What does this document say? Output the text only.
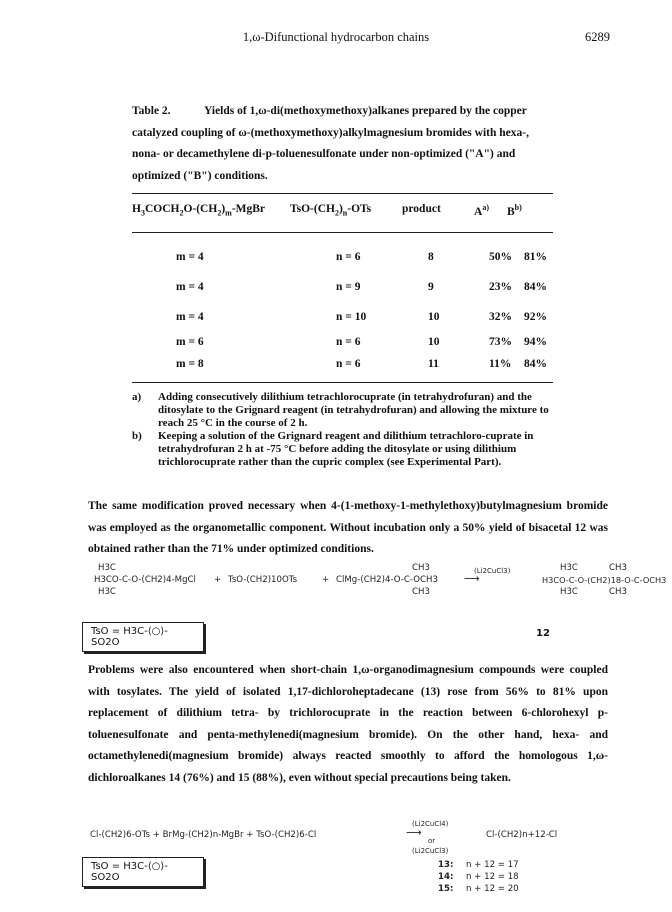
1,ω-Difunctional hydrocarbon chains	6289
Table 2.	Yields of 1,ω-di(methoxymethoxy)alkanes prepared by the copper catalyzed coupling of ω-(methoxymethoxy)alkylmagnesium bromides with hexa-, nona- or decamethylene di-p-toluenesulfonate under non-optimized ("A") and optimized ("B") conditions.
$H_3COCH_2O-(CH_2)_m$-MgBr TsO-$(CH_2)_n$-OTs	product	$A^{a)}$ $B^{b)}$
m = 4	n = 6	8	50% 81%
m = 4	n = 9	9	23% 84%
m = 4	n = 10	10	32% 92%
m = 6	n = 6	10	73% 94%
m = 8	n = 6	11	11% 84%
a) Adding consecutively dilithium tetrachlorocuprate (in tetrahydrofuran) and the ditosylate to the Grignard reagent (in tetrahydrofuran) and allowing the mixture to reach 25 °C in the course of 2 h.
b) Keeping a solution of the Grignard reagent and dilithium tetrachloro-cuprate in tetrahydrofuran 2 h at -75 °C before adding the ditosylate or using dilithium trichlorocuprate rather than the cupric complex (see Experimental Part).
The same modification proved necessary when 4-(1-methoxy-1-methylethoxy)butylmagnesium bromide was employed as the organometallic component. Without incubation only a 50% yield of bisacetal 12 was obtained rather than the 71% under optimized conditions.
H3C
H3CO-C-O-(CH2)4-MgCl
H3C
+ TsO-(CH2)10OTs	+
CH3
ClMg-(CH2)4-O-C-OCH3
CH3
(Li2CuCl3)
⟶
H3C
H3CO-C-O-(CH2)18-O-C-OCH3
H3C
CH3
CH3
TsO = H3C-⟨○⟩-SO2O
12
Problems were also encountered when short-chain 1,ω-organodimagnesium compounds were coupled with tosylates. The yield of isolated 1,17-dichloroheptadecane (13) rose from 56% to 81% upon replacement of dilithium tetra- by trichlorocuprate in the reaction between 6-chlorohexyl p-toluenesulfonate and penta-methylenedi(magnesium bromide). On the other hand, hexa- and octamethylenedi(magnesium bromide) always reacted smoothly to afford the homologous 1,ω-dichloroalkanes 14 (76%) and 15 (88%), even without special precautions being taken.
Cl-(CH2)6-OTs + BrMg-(CH2)n-MgBr + TsO-(CH2)6-Cl
(Li2CuCl4)
⟶
or
(Li2CuCl3)
Cl-(CH2)n+12-Cl
13: n + 12 = 17
14: n + 12 = 18
15: n + 12 = 20
TsO = H3C-⟨○⟩-SO2O
